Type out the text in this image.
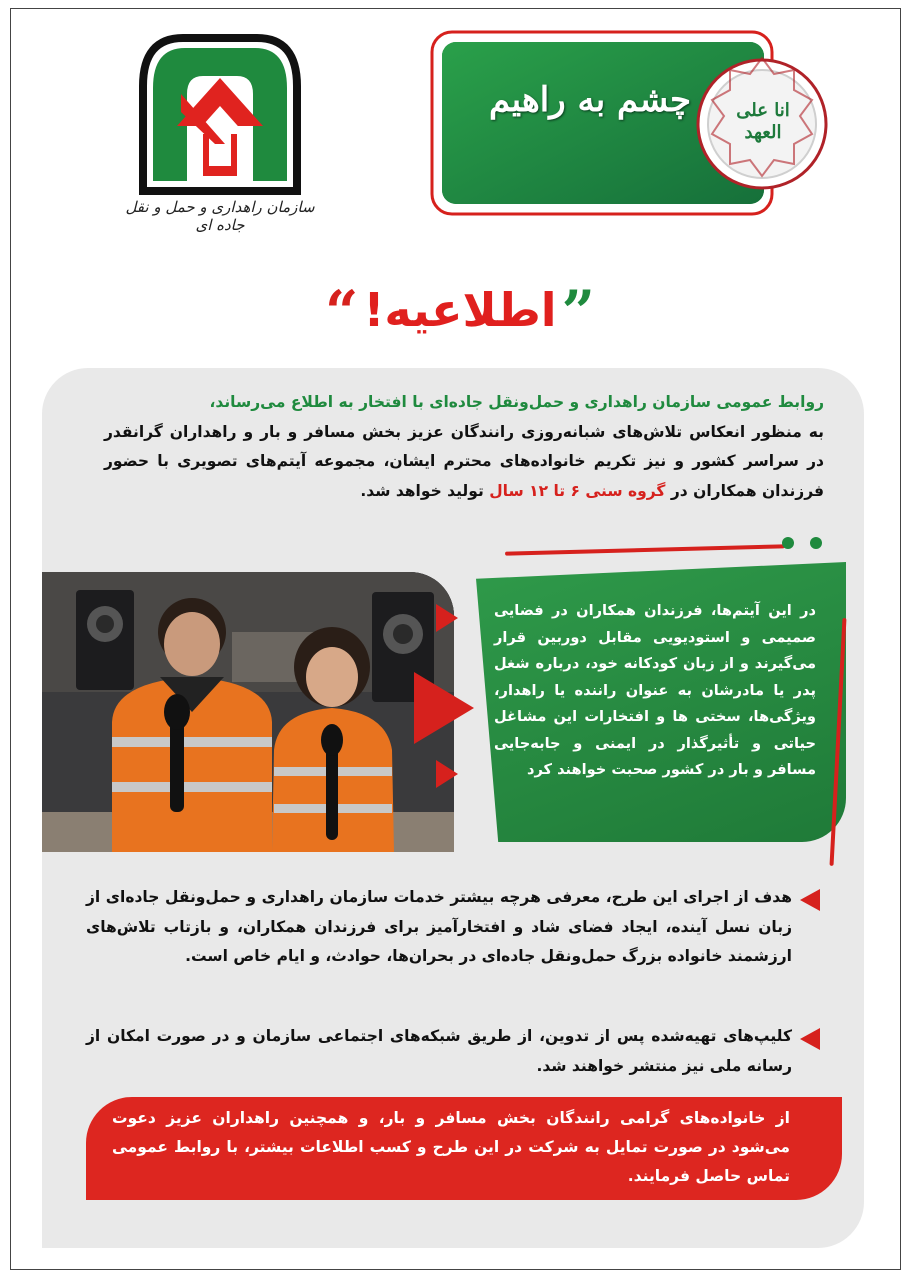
سازمان راهداری و حمل و نقل جاده ای
چشم به راهیم	انا علی
العهد
” اطلاعیه! “
روابط عمومی سازمان راهداری و حمل‌ونقل جاده‌ای با افتخار به اطلاع می‌رساند،
به منظور انعکاس تلاش‌های شبانه‌روزی رانندگان عزیز بخش مسافر و بار و راهداران گرانقدر در سراسر کشور و نیز تکریم خانواده‌های محترم ایشان، مجموعه آیتم‌های تصویری با حضور فرزندان همکاران در گروه سنی ۶ تا ۱۲ سال تولید خواهد شد.
در این آیتم‌ها، فرزندان همکاران در فضایی صمیمی و استودیویی مقابل دوربین قرار می‌گیرند و از زبان کودکانه خود، درباره شغل پدر یا مادرشان به عنوان راننده یا راهدار، ویژگی‌ها، سختی ها و افتخارات این مشاغل حیاتی و تأثیرگذار در ایمنی و جابه‌جایی مسافر و بار در کشور صحبت خواهند کرد
هدف از اجرای این طرح، معرفی هرچه بیشتر خدمات سازمان راهداری و حمل‌ونقل جاده‌ای از زبان نسل آینده، ایجاد فضای شاد و افتخارآمیز برای فرزندان همکاران، و بازتاب تلاش‌های ارزشمند خانواده بزرگ حمل‌ونقل جاده‌ای در بحران‌ها، حوادث، و ایام خاص است.
کلیپ‌های تهیه‌شده پس از تدوین، از طریق شبکه‌های اجتماعی سازمان و در صورت امکان از رسانه ملی نیز منتشر خواهند شد.
از خانواده‌های گرامی رانندگان بخش مسافر و بار، و همچنین راهداران عزیز دعوت می‌شود در صورت تمایل به شرکت در این طرح و کسب اطلاعات بیشتر، با روابط عمومی تماس حاصل فرمایند.
